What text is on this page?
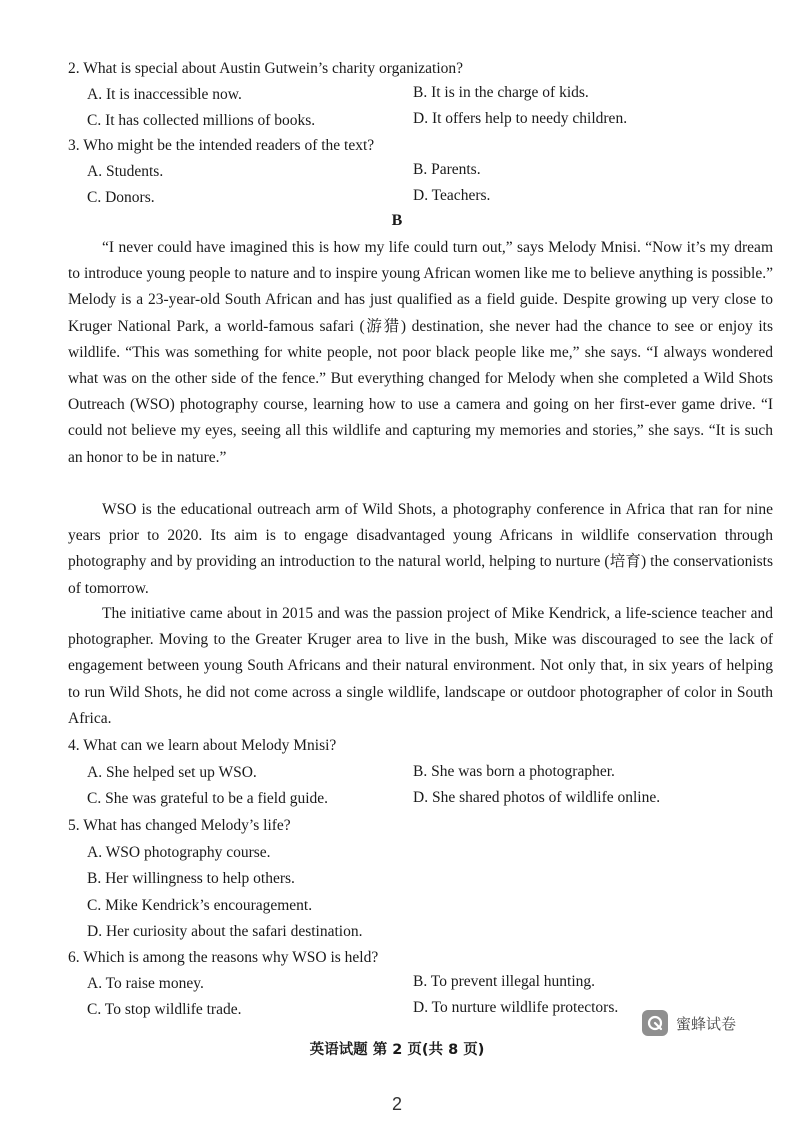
2. What is special about Austin Gutwein’s charity organization?
A. It is inaccessible now.	B. It is in the charge of kids.
C. It has collected millions of books.	D. It offers help to needy children.
3. Who might be the intended readers of the text?
A. Students.	B. Parents.
C. Donors.	D. Teachers.
B
“I never could have imagined this is how my life could turn out,” says Melody Mnisi. “Now it’s my dream to introduce young people to nature and to inspire young African women like me to believe anything is possible.” Melody is a 23-year-old South African and has just qualified as a field guide. Despite growing up very close to Kruger National Park, a world-famous safari (游猎) destination, she never had the chance to see or enjoy its wildlife. “This was something for white people, not poor black people like me,” she says. “I always wondered what was on the other side of the fence.” But everything changed for Melody when she completed a Wild Shots Outreach (WSO) photography course, learning how to use a camera and going on her first-ever game drive. “I could not believe my eyes, seeing all this wildlife and capturing my memories and stories,” she says. “It is such an honor to be in nature.”
WSO is the educational outreach arm of Wild Shots, a photography conference in Africa that ran for nine years prior to 2020. Its aim is to engage disadvantaged young Africans in wildlife conservation through photography and by providing an introduction to the natural world, helping to nurture (培育) the conservationists of tomorrow.
The initiative came about in 2015 and was the passion project of Mike Kendrick, a life-science teacher and photographer. Moving to the Greater Kruger area to live in the bush, Mike was discouraged to see the lack of engagement between young South Africans and their natural environment. Not only that, in six years of helping to run Wild Shots, he did not come across a single wildlife, landscape or outdoor photographer of color in South Africa.
4. What can we learn about Melody Mnisi?
A. She helped set up WSO.	B. She was born a photographer.
C. She was grateful to be a field guide.	D. She shared photos of wildlife online.
5. What has changed Melody’s life?
A. WSO photography course.
B. Her willingness to help others.
C. Mike Kendrick’s encouragement.
D. Her curiosity about the safari destination.
6. Which is among the reasons why WSO is held?
A. To raise money.	B. To prevent illegal hunting.
C. To stop wildlife trade.	D. To nurture wildlife protectors.
蜜蜂试卷
英语试题 第 2 页(共 8 页)
2
